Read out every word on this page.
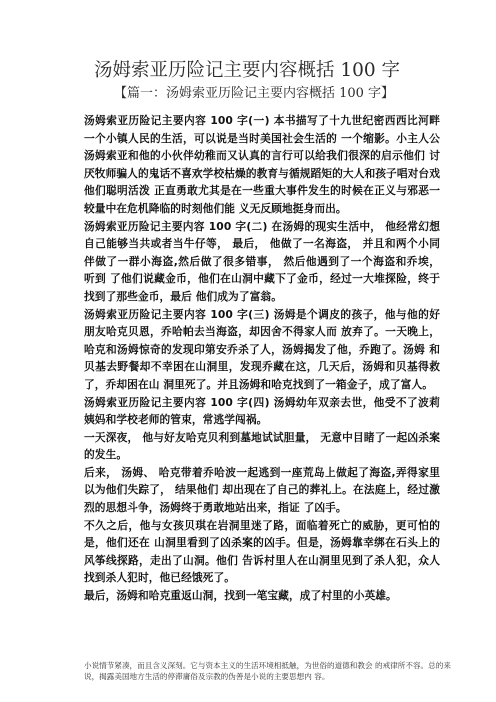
汤姆索亚历险记主要内容概括 100 字
【篇一：汤姆索亚历险记主要内容概括 100 字】

汤姆索亚历险记主要内容 100 字(一) 本书描写了十九世纪密西西比河畔一个小镇人民的生活，可以说是当时美国社会生活的 一个缩影。小主人公汤姆索亚和他的小伙伴幼稚而又认真的言行可以给我们很深的启示他们 讨厌牧师骗人的鬼话不喜欢学校枯燥的教育与循规蹈矩的大人和孩子唱对台戏他们聪明活泼 正直勇敢尤其是在一些重大事件发生的时候在正义与邪恶一较量中在危机降临的时刻他们能 义无反顾地挺身而出。

汤姆索亚历险记主要内容 100 字(二) 在汤姆的现实生活中， 他经常幻想自己能够当共或者当牛仔等， 最后， 他做了一名海盗， 并且和两个小同伴做了一群小海盗,然后做了很多错事， 然后他遇到了一个海盗和乔埃， 听到 了他们说藏金币，他们在山洞中藏下了金币，经过一大堆探险，终于找到了那些金币，最后 他们成为了富翁。

汤姆索亚历险记主要内容 100 字(三) 汤姆是个调皮的孩子，他与他的好朋友哈克贝恩，乔哈帕去当海盗，却因舍不得家人而 放弃了。一天晚上，哈克和汤姆惊奇的发现印第安乔杀了人，汤姆揭发了他，乔跑了。汤姆 和贝基去野餐却不幸困在山洞里，发现乔藏在这，几天后，汤姆和贝基得救了，乔却困在山 洞里死了。并且汤姆和哈克找到了一箱金子，成了富人。

汤姆索亚历险记主要内容 100 字(四) 汤姆幼年双亲去世，他受不了波莉姨妈和学校老师的管束，常逃学闯祸。

一天深夜， 他与好友哈克贝利到墓地试试胆量， 无意中目睹了一起凶杀案的发生。

后来， 汤姆、 哈克带着乔哈波一起逃到一座荒岛上做起了海盗,弄得家里以为他们失踪了， 结果他们 却出现在了自己的葬礼上。在法庭上，经过激烈的思想斗争，汤姆终于勇敢地站出来，指证 了凶手。

不久之后，他与女孩贝琪在岩洞里迷了路，面临着死亡的威胁，更可怕的是，他们还在 山洞里看到了凶杀案的凶手。但是，汤姆靠幸绑在石头上的风筝线探路，走出了山洞。他们 告诉村里人在山洞里见到了杀人犯，众人找到杀人犯时，他已经饿死了。

最后，汤姆和哈克重返山洞，找到一笔宝藏，成了村里的小英雄。

小说情节紧凑，而且含义深刻。它与资本主义的生活环境相抵触，为世俗的道德和教会 的戒律所不容。总的来说，揭露美国地方生活的停滞庸俗及宗教的伪善是小说的主要思想内 容。
